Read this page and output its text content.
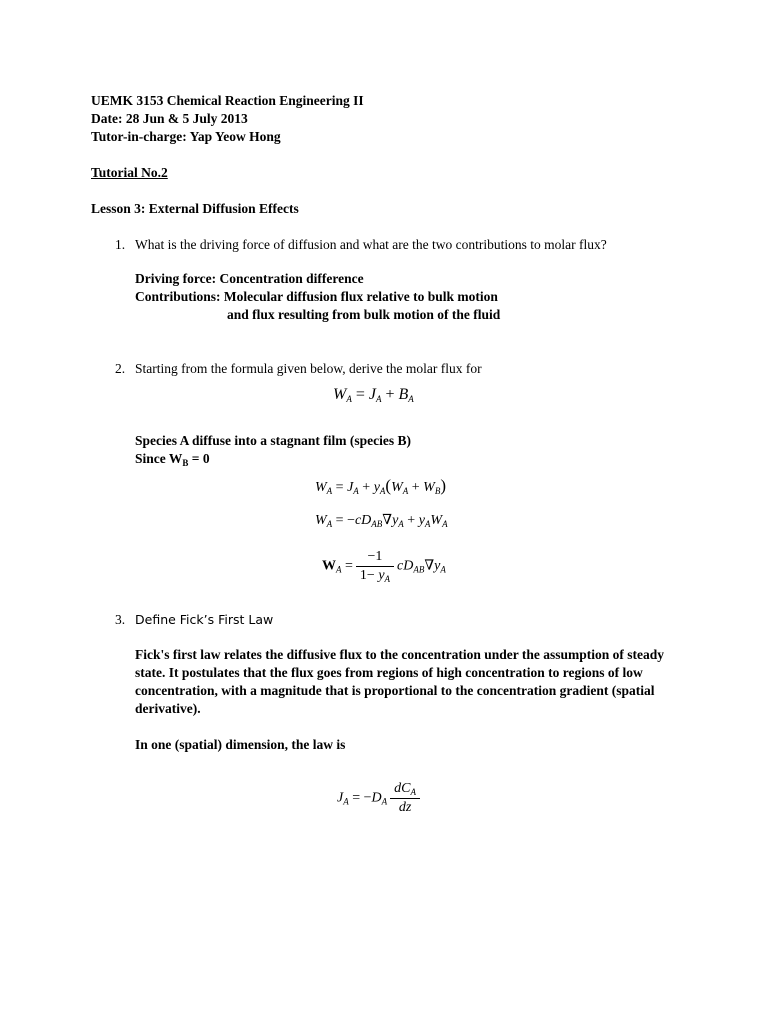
UEMK 3153 Chemical Reaction Engineering II
Date: 28 Jun & 5 July 2013
Tutor-in-charge: Yap Yeow Hong
Tutorial No.2
Lesson 3: External Diffusion Effects
1. What is the driving force of diffusion and what are the two contributions to molar flux?
Driving force: Concentration difference
Contributions: Molecular diffusion flux relative to bulk motion
and flux resulting from bulk motion of the fluid
2. Starting from the formula given below, derive the molar flux for
$W_A = J_A + B_A$
Species A diffuse into a stagnant film (species B)
Since $W_B = 0$
$W_A = J_A + y_A(W_A + W_B)$
$W_A = -cD_{AB}\nabla y_A + y_AW_A$
$W_A = \frac{-1}{1- y_A} cD_{AB}\nabla y_A$
3. Define Fick’s First Law
Fick's first law relates the diffusive flux to the concentration under the assumption of steady state. It postulates that the flux goes from regions of high concentration to regions of low concentration, with a magnitude that is proportional to the concentration gradient (spatial derivative).
In one (spatial) dimension, the law is
$J_A = -D_A \frac{dC_A}{dz}$
